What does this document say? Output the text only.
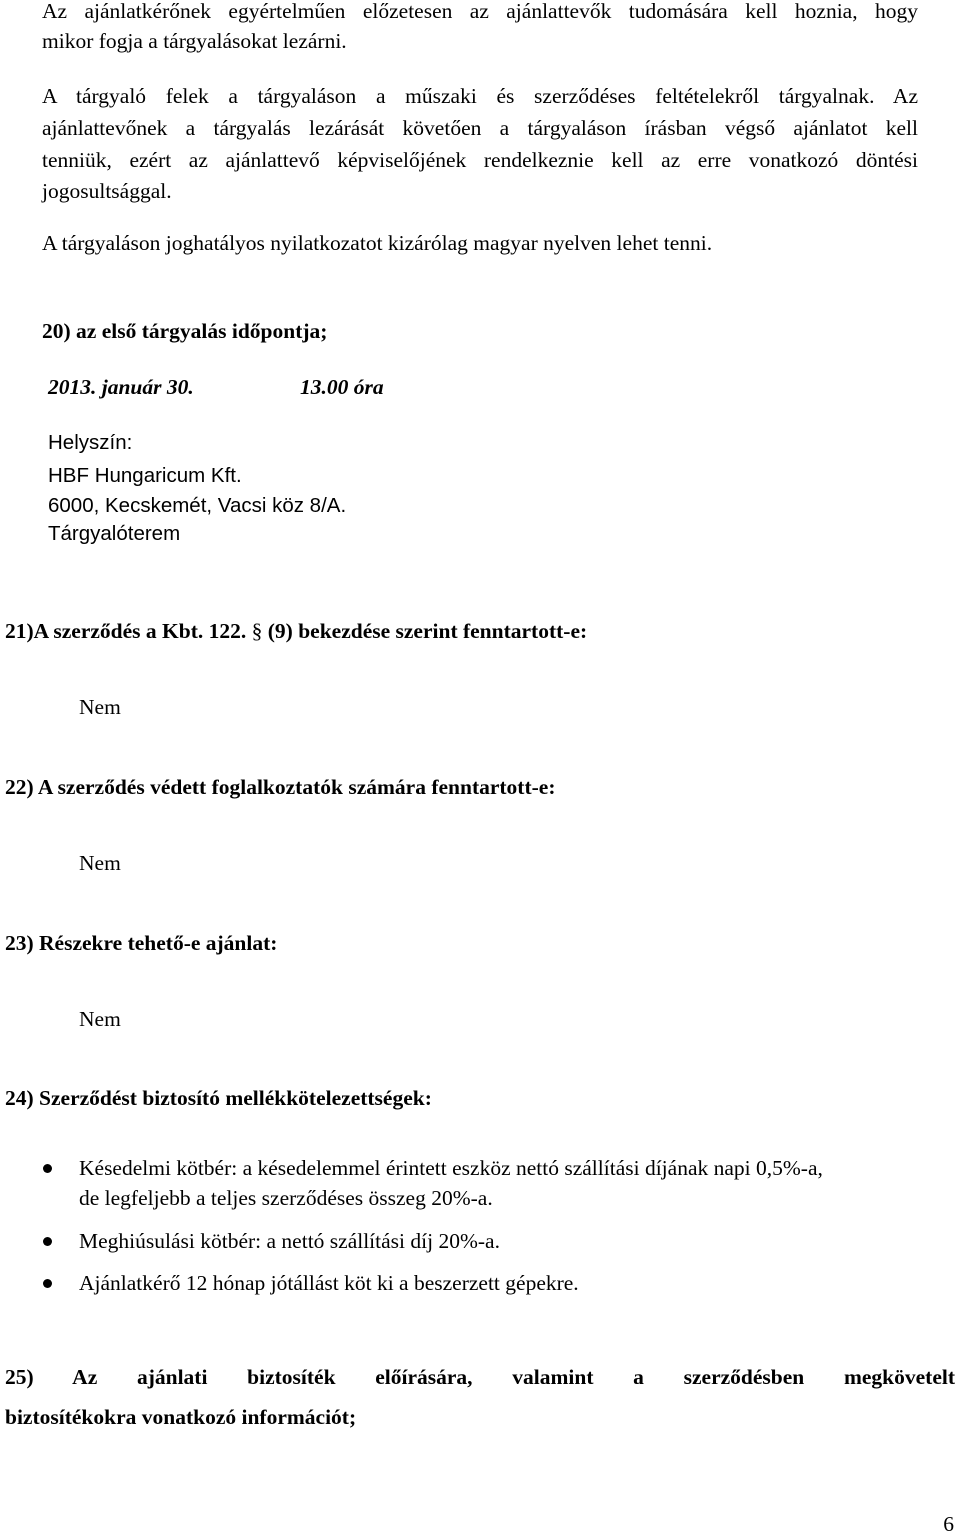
Az ajánlatkérőnek egyértelműen előzetesen az ajánlattevők tudomására kell hoznia, hogy
mikor fogja a tárgyalásokat lezárni.
A tárgyaló felek a tárgyaláson a műszaki és szerződéses feltételekről tárgyalnak. Az
ajánlattevőnek a tárgyalás lezárását követően a tárgyaláson írásban végső ajánlatot kell
tenniük, ezért az ajánlattevő képviselőjének rendelkeznie kell az erre vonatkozó döntési
jogosultsággal.
A tárgyaláson joghatályos nyilatkozatot kizárólag magyar nyelven lehet tenni.
20) az első tárgyalás időpontja;
2013. január 30.	13.00 óra
Helyszín:
HBF Hungaricum Kft.
6000, Kecskemét, Vacsi köz 8/A.
Tárgyalóterem
21)A szerződés a Kbt. 122. § (9) bekezdése szerint fenntartott-e:
Nem
22) A szerződés védett foglalkoztatók számára fenntartott-e:
Nem
23) Részekre tehető-e ajánlat:
Nem
24) Szerződést biztosító mellékkötelezettségek:
Késedelmi kötbér: a késedelemmel érintett eszköz nettó szállítási díjának napi 0,5%-a,
de legfeljebb a teljes szerződéses összeg 20%-a.
Meghiúsulási kötbér: a nettó szállítási díj 20%-a.
Ajánlatkérő 12 hónap jótállást köt ki a beszerzett gépekre.
25) Az ajánlati biztosíték előírására, valamint a szerződésben megkövetelt
biztosítékokra vonatkozó információt;
6
